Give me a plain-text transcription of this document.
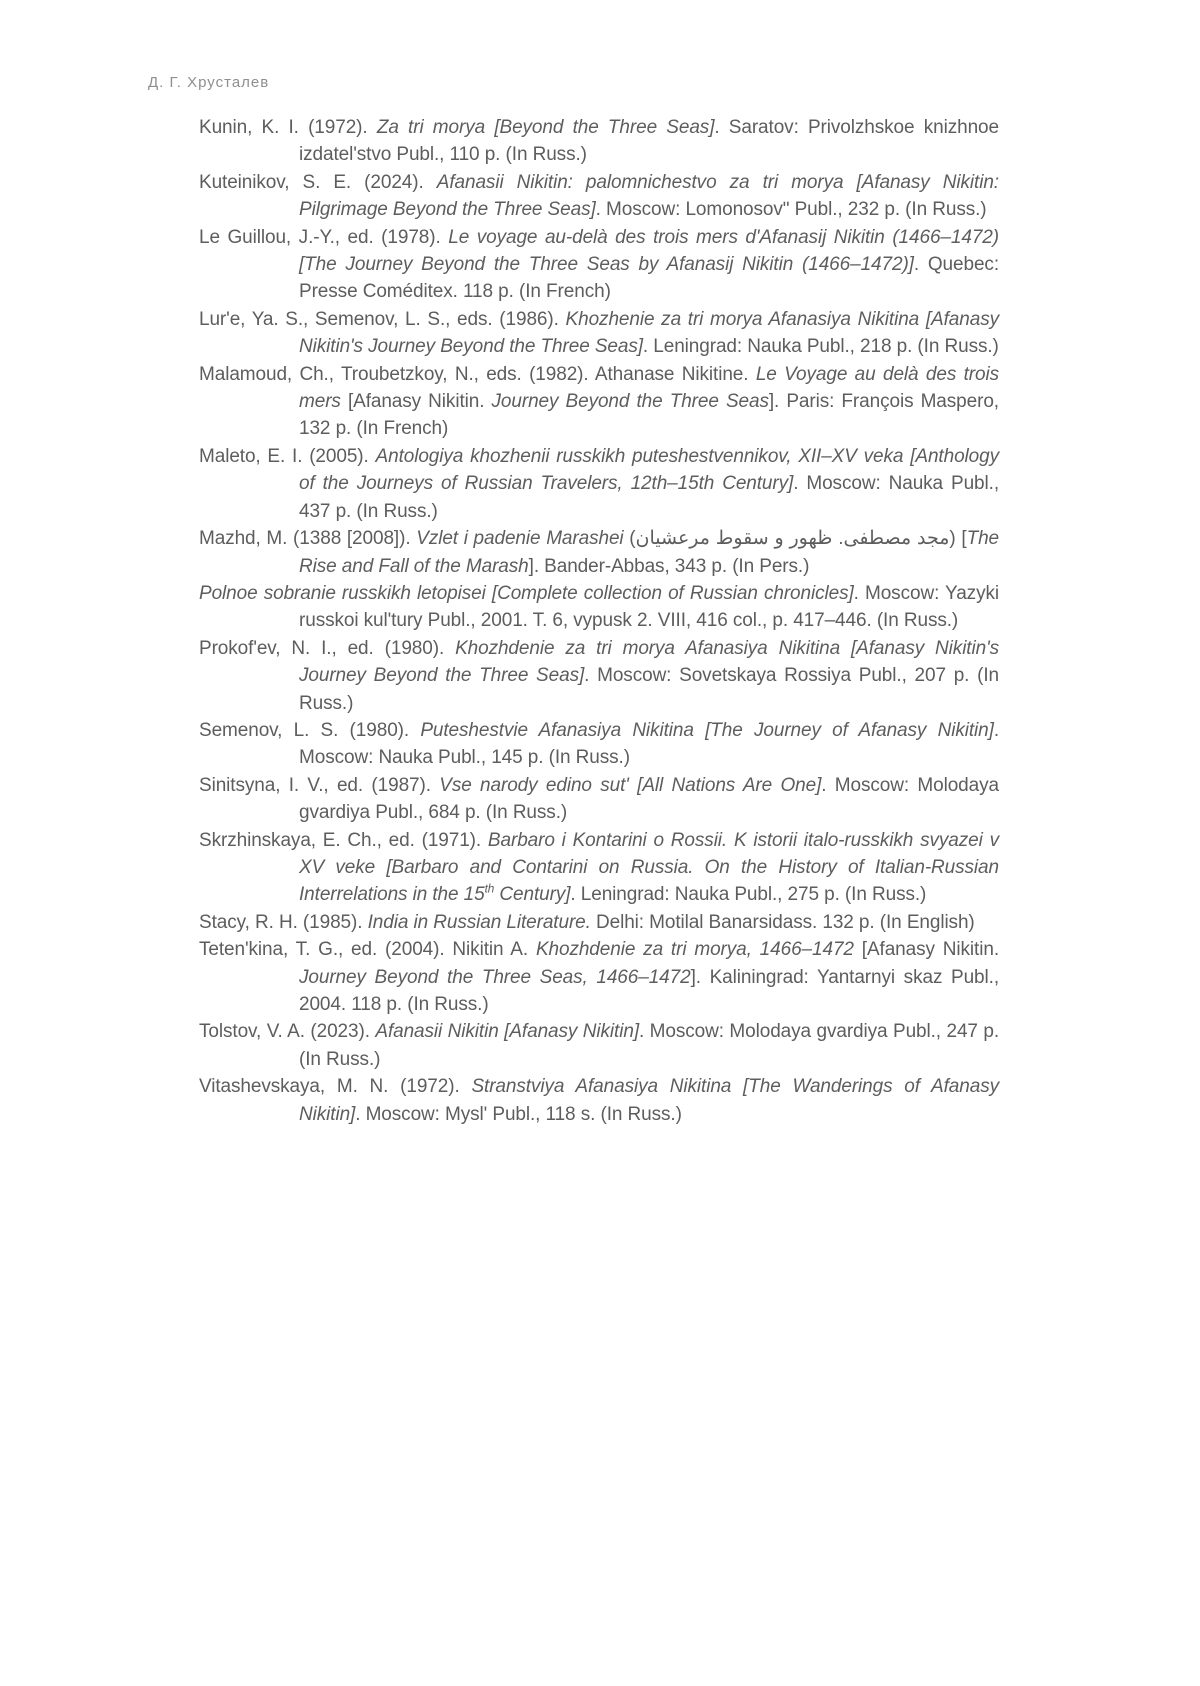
Д. Г. Хрусталев

Kunin, K. I. (1972). Za tri morya [Beyond the Three Seas]. Saratov: Privolzhskoe knizhnoe izdatel'stvo Publ., 110 p. (In Russ.)

Kuteinikov, S. E. (2024). Afanasii Nikitin: palomnichestvo za tri morya [Afanasy Nikitin: Pilgrimage Beyond the Three Seas]. Moscow: Lomonosovʺ Publ., 232 p. (In Russ.)

Le Guillou, J.-Y., ed. (1978). Le voyage au-delà des trois mers d'Afanasij Nikitin (1466–1472) [The Journey Beyond the Three Seas by Afanasij Nikitin (1466–1472)]. Quebec: Presse Coméditex. 118 p. (In French)

Lur'e, Ya. S., Semenov, L. S., eds. (1986). Khozhenie za tri morya Afanasiya Nikitina [Afanasy Nikitin's Journey Beyond the Three Seas]. Leningrad: Nauka Publ., 218 p. (In Russ.)

Malamoud, Ch., Troubetzkoy, N., eds. (1982). Athanase Nikitine. Le Voyage au delà des trois mers [Afanasy Nikitin. Journey Beyond the Three Seas]. Paris: François Maspero, 132 p. (In French)

Maleto, E. I. (2005). Antologiya khozhenii russkikh puteshestvennikov, XII–XV veka [Anthology of the Journeys of Russian Travelers, 12th–15th Century]. Moscow: Nauka Publ., 437 p. (In Russ.)

Mazhd, M. (1388 [2008]). Vzlet i padenie Marashei (مجد مصطفی. ظهور و سقوط مرعشیان) [The Rise and Fall of the Marash]. Bander-Abbas, 343 p. (In Pers.)

Polnoe sobranie russkikh letopisei [Complete collection of Russian chronicles]. Moscow: Yazyki russkoi kul'tury Publ., 2001. T. 6, vypusk 2. VIII, 416 col., p. 417–446. (In Russ.)

Prokof'ev, N. I., ed. (1980). Khozhdenie za tri morya Afanasiya Nikitina [Afanasy Nikitin's Journey Beyond the Three Seas]. Moscow: Sovetskaya Rossiya Publ., 207 p. (In Russ.)

Semenov, L. S. (1980). Puteshestvie Afanasiya Nikitina [The Journey of Afanasy Nikitin]. Moscow: Nauka Publ., 145 p. (In Russ.)

Sinitsyna, I. V., ed. (1987). Vse narody edino sut' [All Nations Are One]. Moscow: Molodaya gvardiya Publ., 684 p. (In Russ.)

Skrzhinskaya, E. Ch., ed. (1971). Barbaro i Kontarini o Rossii. K istorii italo-russkikh svyazei v XV veke [Barbaro and Contarini on Russia. On the History of Italian-Russian Interrelations in the 15th Century]. Leningrad: Nauka Publ., 275 p. (In Russ.)

Stacy, R. H. (1985). India in Russian Literature. Delhi: Motilal Banarsidass. 132 p. (In English)

Teten'kina, T. G., ed. (2004). Nikitin A. Khozhdenie za tri morya, 1466–1472 [Afanasy Nikitin. Journey Beyond the Three Seas, 1466–1472]. Kaliningrad: Yantarnyi skaz Publ., 2004. 118 p. (In Russ.)

Tolstov, V. A. (2023). Afanasii Nikitin [Afanasy Nikitin]. Moscow: Molodaya gvardiya Publ., 247 p. (In Russ.)

Vitashevskaya, M. N. (1972). Stranstviya Afanasiya Nikitina [The Wanderings of Afanasy Nikitin]. Moscow: Mysl' Publ., 118 s. (In Russ.)
